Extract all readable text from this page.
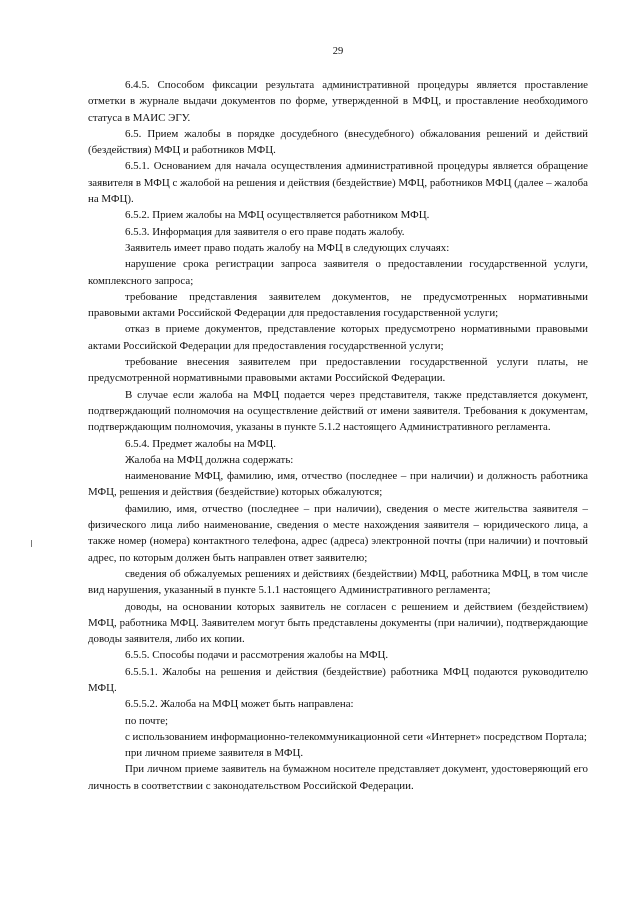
29

6.4.5. Способом фиксации результата административной процедуры является проставление отметки в журнале выдачи документов по форме, утвержденной в МФЦ, и проставление необходимого статуса в МАИС ЭГУ.

6.5. Прием жалобы в порядке досудебного (внесудебного) обжалования решений и действий (бездействия) МФЦ и работников МФЦ.

6.5.1. Основанием для начала осуществления административной процедуры является обращение заявителя в МФЦ с жалобой на решения и действия (бездействие) МФЦ, работников МФЦ (далее – жалоба на МФЦ).

6.5.2. Прием жалобы на МФЦ осуществляется работником МФЦ.

6.5.3. Информация для заявителя о его праве подать жалобу.

Заявитель имеет право подать жалобу на МФЦ в следующих случаях:

нарушение срока регистрации запроса заявителя о предоставлении государственной услуги, комплексного запроса;

требование представления заявителем документов, не предусмотренных нормативными правовыми актами Российской Федерации для предоставления государственной услуги;

отказ в приеме документов, представление которых предусмотрено нормативными правовыми актами Российской Федерации для предоставления государственной услуги;

требование внесения заявителем при предоставлении государственной услуги платы, не предусмотренной нормативными правовыми актами Российской Федерации.

В случае если жалоба на МФЦ подается через представителя, также представляется документ, подтверждающий полномочия на осуществление действий от имени заявителя. Требования к документам, подтверждающим полномочия, указаны в пункте 5.1.2 настоящего Административного регламента.

6.5.4. Предмет жалобы на МФЦ.

Жалоба на МФЦ должна содержать:

наименование МФЦ, фамилию, имя, отчество (последнее – при наличии) и должность работника МФЦ, решения и действия (бездействие) которых обжалуются;

фамилию, имя, отчество (последнее – при наличии), сведения о месте жительства заявителя – физического лица либо наименование, сведения о месте нахождения заявителя – юридического лица, а также номер (номера) контактного телефона, адрес (адреса) электронной почты (при наличии) и почтовый адрес, по которым должен быть направлен ответ заявителю;

сведения об обжалуемых решениях и действиях (бездействии) МФЦ, работника МФЦ, в том числе вид нарушения, указанный в пункте 5.1.1 настоящего Административного регламента;

доводы, на основании которых заявитель не согласен с решением и действием (бездействием) МФЦ, работника МФЦ. Заявителем могут быть представлены документы (при наличии), подтверждающие доводы заявителя, либо их копии.

6.5.5. Способы подачи и рассмотрения жалобы на МФЦ.

6.5.5.1. Жалобы на решения и действия (бездействие) работника МФЦ подаются руководителю МФЦ.

6.5.5.2. Жалоба на МФЦ может быть направлена:

по почте;

с использованием информационно-телекоммуникационной сети «Интернет» посредством Портала;

при личном приеме заявителя в МФЦ.

При личном приеме заявитель на бумажном носителе представляет документ, удостоверяющий его личность в соответствии с законодательством Российской Федерации.
